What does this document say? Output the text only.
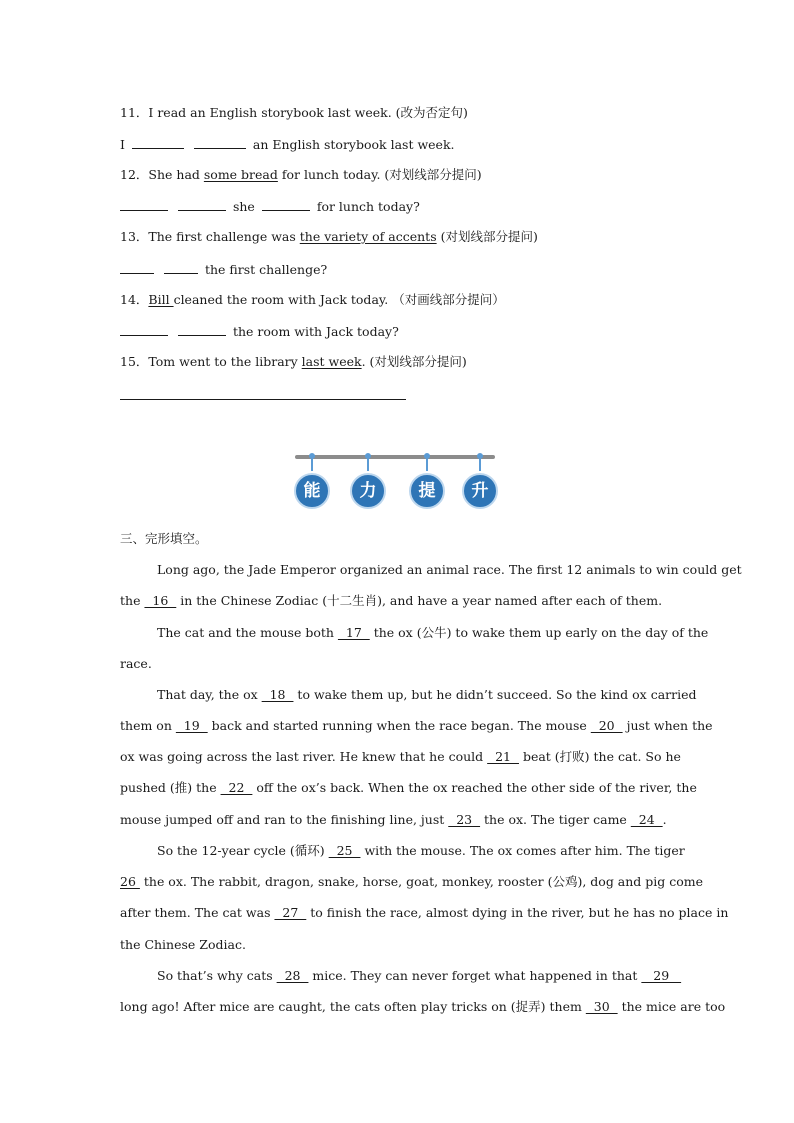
11．I read an English storybook last week. (改为否定句)
I	an English storybook last week.
12．She had some bread for lunch today. (对划线部分提问)
she	for lunch today?
13．The first challenge was the variety of accents (对划线部分提问)
the first challenge?
14．Bill cleaned the room with Jack today. （对画线部分提问）
the room with Jack today?
15．Tom went to the library last week. (对划线部分提问)
能	力	提	升
三、完形填空。
Long ago, the Jade Emperor organized an animal race. The first 12 animals to win could get
the   16   in the Chinese Zodiac (十二生肖), and have a year named after each of them.
The cat and the mouse both   17   the ox (公牛) to wake them up early on the day of the
race.
That day, the ox   18   to wake them up, but he didn’t succeed. So the kind ox carried
them on   19   back and started running when the race began. The mouse   20   just when the
ox was going across the last river. He knew that he could   21   beat (打败) the cat. So he
pushed (推) the   22   off the ox’s back. When the ox reached the other side of the river, the
mouse jumped off and ran to the finishing line, just   23   the ox. The tiger came   24  .
So the 12-year cycle (循环)   25   with the mouse. The ox comes after him. The tiger
26  the ox. The rabbit, dragon, snake, horse, goat, monkey, rooster (公鸡), dog and pig come
after them. The cat was   27   to finish the race, almost dying in the river, but he has no place in
the Chinese Zodiac.
So that’s why cats   28   mice. They can never forget what happened in that    29
long ago! After mice are caught, the cats often play tricks on (捉弄) them   30   the mice are too
